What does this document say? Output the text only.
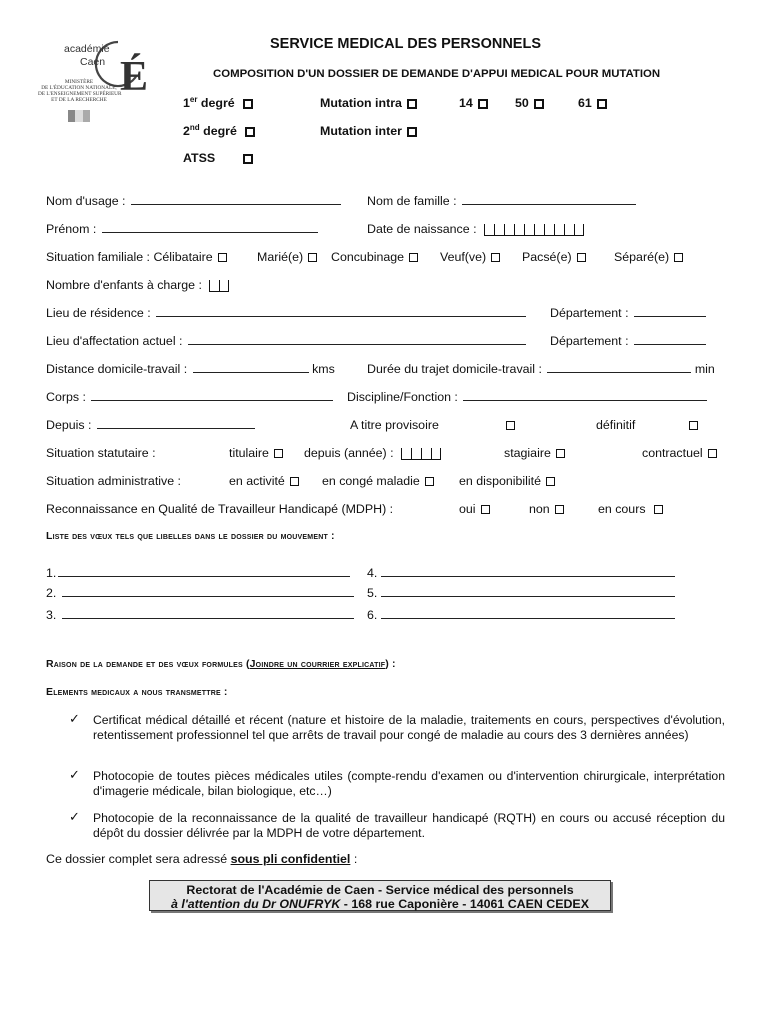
É
académie
Caen
MINISTÈRE
DE L'ÉDUCATION NATIONALE,
DE L'ENSEIGNEMENT SUPÉRIEUR
ET DE LA RECHERCHE
SERVICE MEDICAL DES PERSONNELS
COMPOSITION D'UN DOSSIER DE DEMANDE D'APPUI MEDICAL POUR MUTATION
1er degré	Mutation intra	14	50	61
2nd degré	Mutation inter
ATSS
Nom d'usage :	Nom de famille :
Prénom :	Date de naissance :
Situation familiale : Célibataire	Marié(e)	Concubinage	Veuf(ve)	Pacsé(e)	Séparé(e)
Nombre d'enfants à charge :
Lieu de résidence :	Département :
Lieu d'affectation actuel :	Département :
Distance domicile-travail :	kms	Durée du trajet domicile-travail :	min
Corps :	Discipline/Fonction :
Depuis :	A titre provisoire	définitif
Situation statutaire :	titulaire	depuis (année) :	stagiaire	contractuel
Situation administrative :	en activité	en congé maladie	en disponibilité
Reconnaissance en Qualité de Travailleur Handicapé (MDPH) :	oui	non	en cours
Liste des vœux tels que libelles dans le dossier du mouvement :
1.
2.
3.
4.
5.
6.
Raison de la demande et des vœux formules (Joindre un courrier explicatif) :
Elements medicaux a nous transmettre :
✓ Certificat médical détaillé et récent (nature et histoire de la maladie, traitements en cours, perspectives d'évolution, retentissement professionnel tel que arrêts de travail pour congé de maladie au cours des 3 dernières années)
✓ Photocopie de toutes pièces médicales utiles (compte-rendu d'examen ou d'intervention chirurgicale, interprétation d'imagerie médicale, bilan biologique, etc…)
✓ Photocopie de la reconnaissance de la qualité de travailleur handicapé (RQTH) en cours ou accusé réception du dépôt du dossier délivrée par la MDPH de votre département.
Ce dossier complet sera adressé sous pli confidentiel :
Rectorat de l'Académie de Caen - Service médical des personnels
à l'attention du Dr ONUFRYK - 168 rue Caponière - 14061 CAEN CEDEX
